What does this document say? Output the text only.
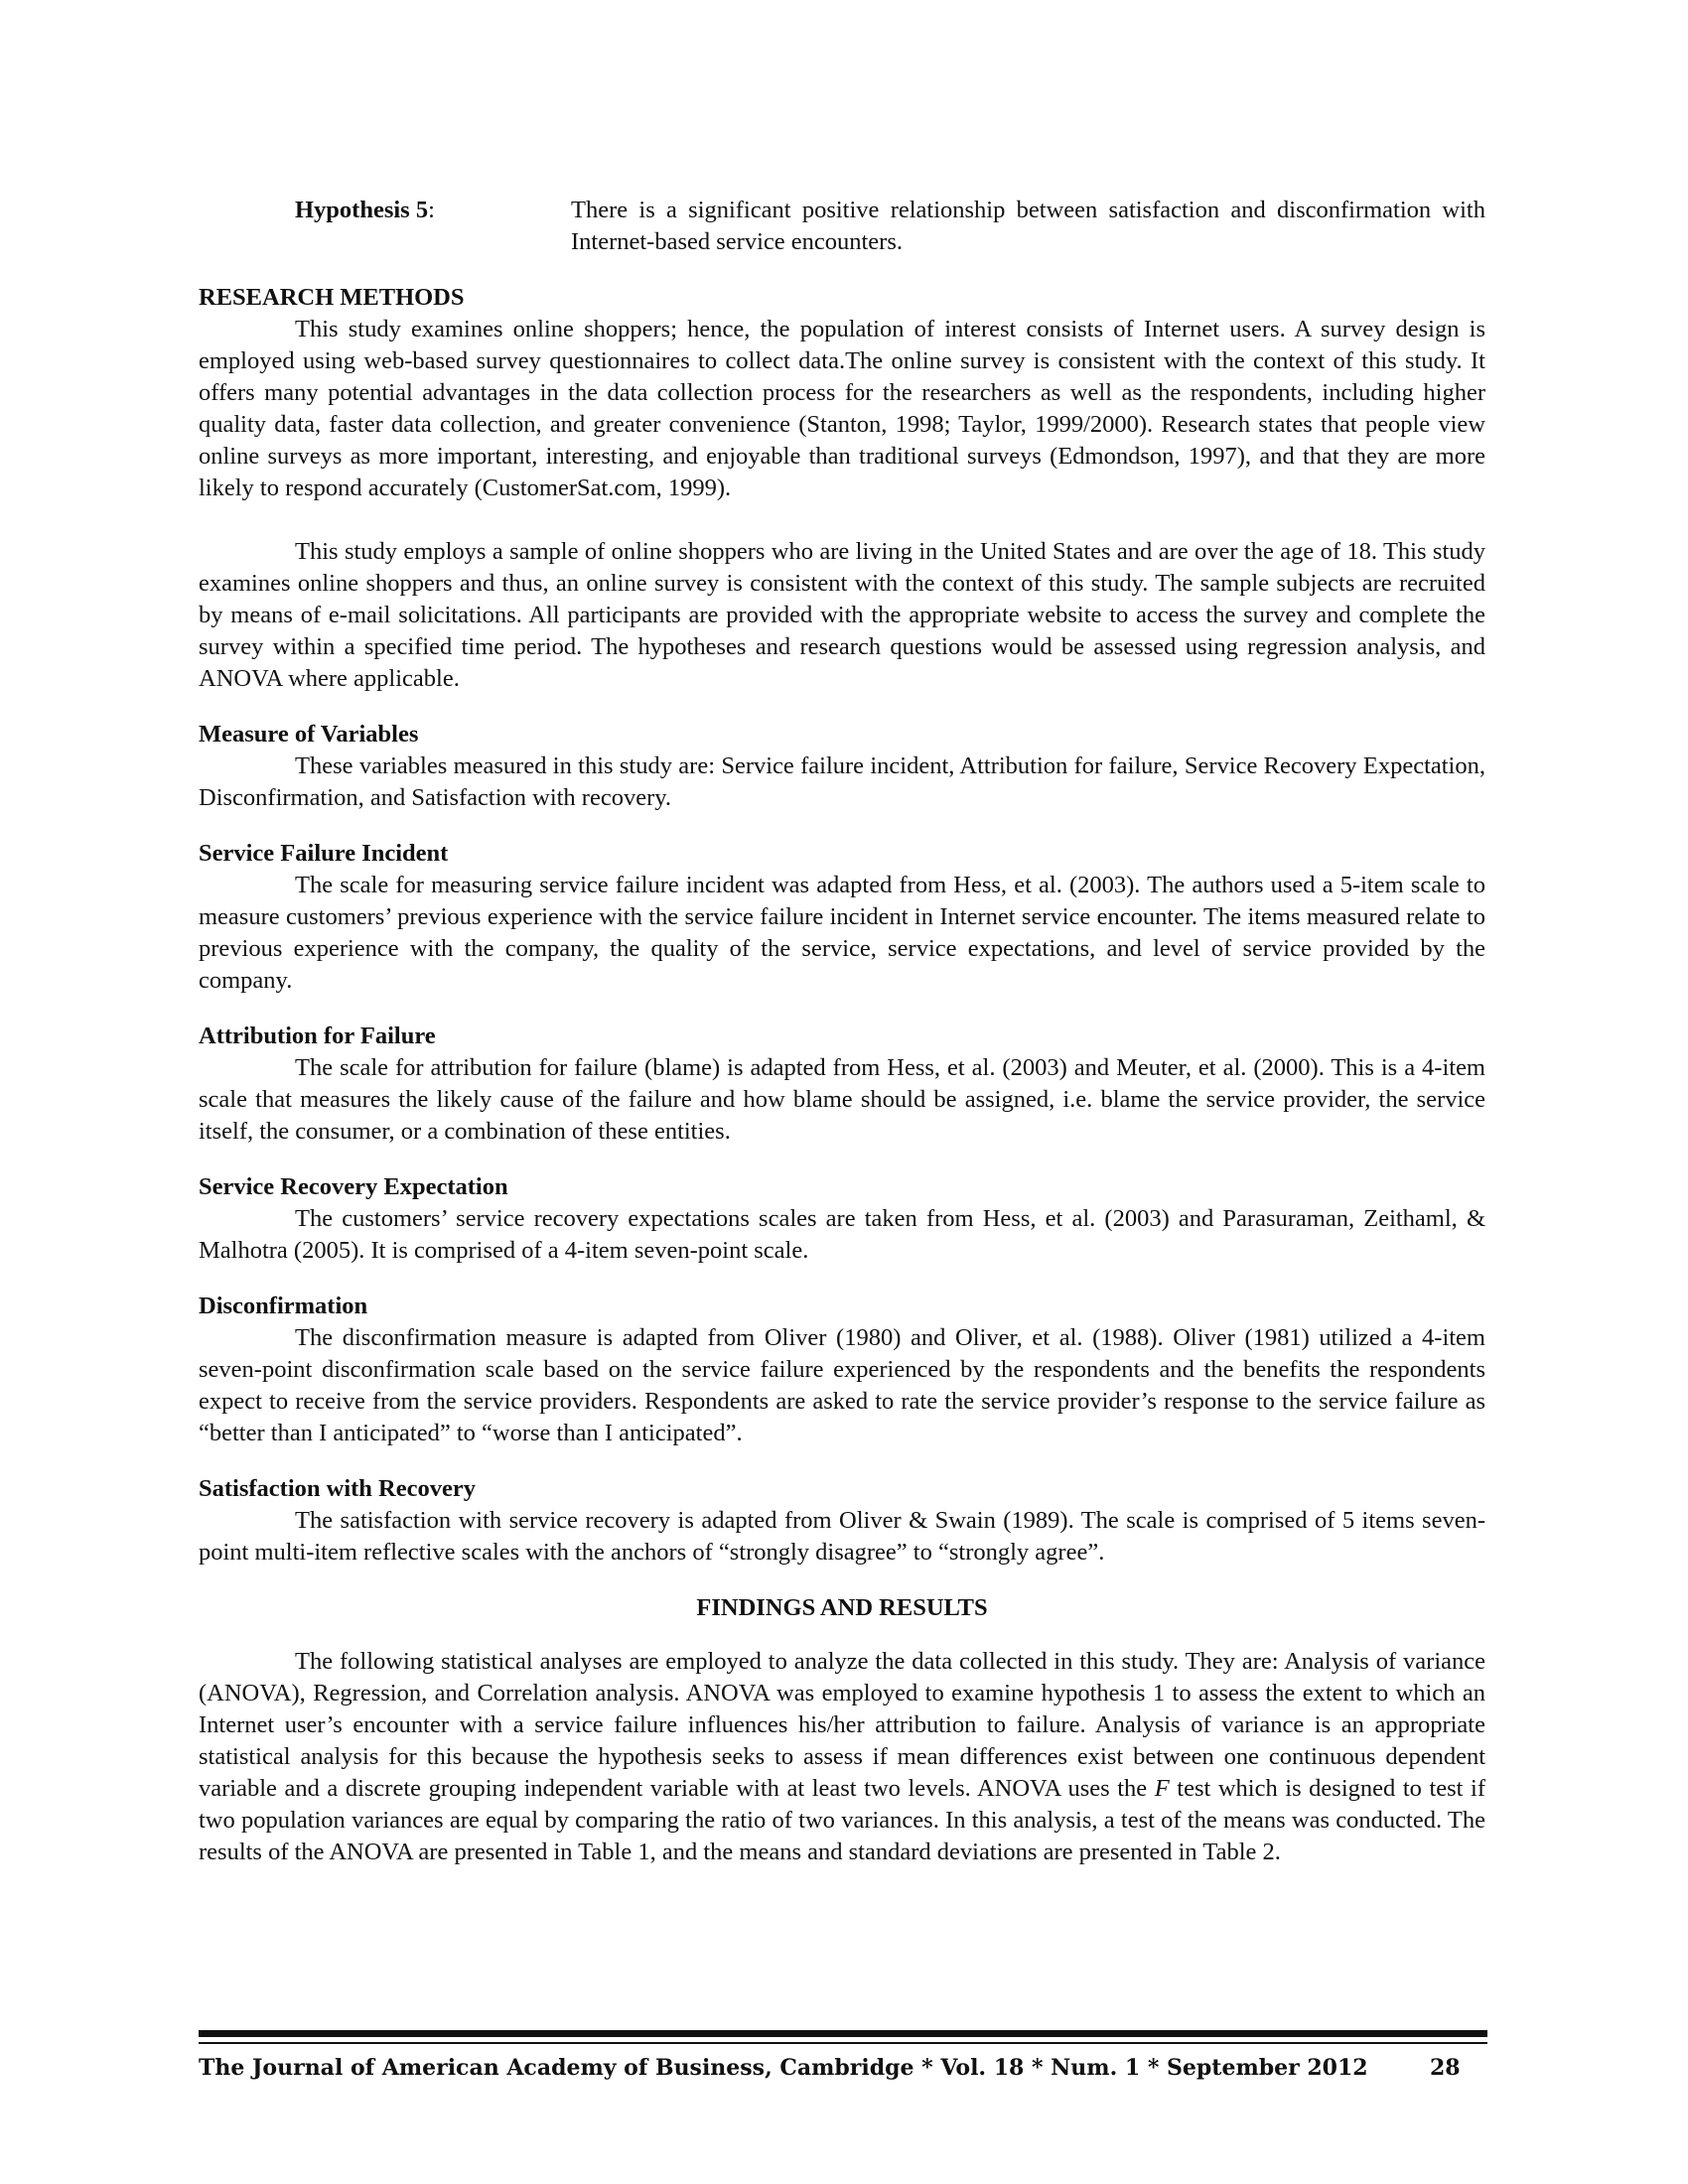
Hypothesis 5:	There is a significant positive relationship between satisfaction and disconfirmation with Internet-based service encounters.
RESEARCH METHODS

This study examines online shoppers; hence, the population of interest consists of Internet users. A survey design is employed using web-based survey questionnaires to collect data.The online survey is consistent with the context of this study. It offers many potential advantages in the data collection process for the researchers as well as the respondents, including higher quality data, faster data collection, and greater convenience (Stanton, 1998; Taylor, 1999/2000). Research states that people view online surveys as more important, interesting, and enjoyable than traditional surveys (Edmondson, 1997), and that they are more likely to respond accurately (CustomerSat.com, 1999).

This study employs a sample of online shoppers who are living in the United States and are over the age of 18. This study examines online shoppers and thus, an online survey is consistent with the context of this study. The sample subjects are recruited by means of e-mail solicitations. All participants are provided with the appropriate website to access the survey and complete the survey within a specified time period. The hypotheses and research questions would be assessed using regression analysis, and ANOVA where applicable.

Measure of Variables

These variables measured in this study are: Service failure incident, Attribution for failure, Service Recovery Expectation, Disconfirmation, and Satisfaction with recovery.

Service Failure Incident

The scale for measuring service failure incident was adapted from Hess, et al. (2003). The authors used a 5-item scale to measure customers’ previous experience with the service failure incident in Internet service encounter. The items measured relate to previous experience with the company, the quality of the service, service expectations, and level of service provided by the company.

Attribution for Failure

The scale for attribution for failure (blame) is adapted from Hess, et al. (2003) and Meuter, et al. (2000). This is a 4-item scale that measures the likely cause of the failure and how blame should be assigned, i.e. blame the service provider, the service itself, the consumer, or a combination of these entities.

Service Recovery Expectation

The customers’ service recovery expectations scales are taken from Hess, et al. (2003) and Parasuraman, Zeithaml, & Malhotra (2005). It is comprised of a 4-item seven-point scale.

Disconfirmation

The disconfirmation measure is adapted from Oliver (1980) and Oliver, et al. (1988). Oliver (1981) utilized a 4-item seven-point disconfirmation scale based on the service failure experienced by the respondents and the benefits the respondents expect to receive from the service providers. Respondents are asked to rate the service provider’s response to the service failure as “better than I anticipated” to “worse than I anticipated”.

Satisfaction with Recovery

The satisfaction with service recovery is adapted from Oliver & Swain (1989). The scale is comprised of 5 items seven-point multi-item reflective scales with the anchors of “strongly disagree” to “strongly agree”.

FINDINGS AND RESULTS

The following statistical analyses are employed to analyze the data collected in this study. They are: Analysis of variance (ANOVA), Regression, and Correlation analysis. ANOVA was employed to examine hypothesis 1 to assess the extent to which an Internet user’s encounter with a service failure influences his/her attribution to failure. Analysis of variance is an appropriate statistical analysis for this because the hypothesis seeks to assess if mean differences exist between one continuous dependent variable and a discrete grouping independent variable with at least two levels. ANOVA uses the F test which is designed to test if two population variances are equal by comparing the ratio of two variances. In this analysis, a test of the means was conducted. The results of the ANOVA are presented in Table 1, and the means and standard deviations are presented in Table 2.

The Journal of American Academy of Business, Cambridge * Vol. 18 * Num. 1 * September 2012	28
